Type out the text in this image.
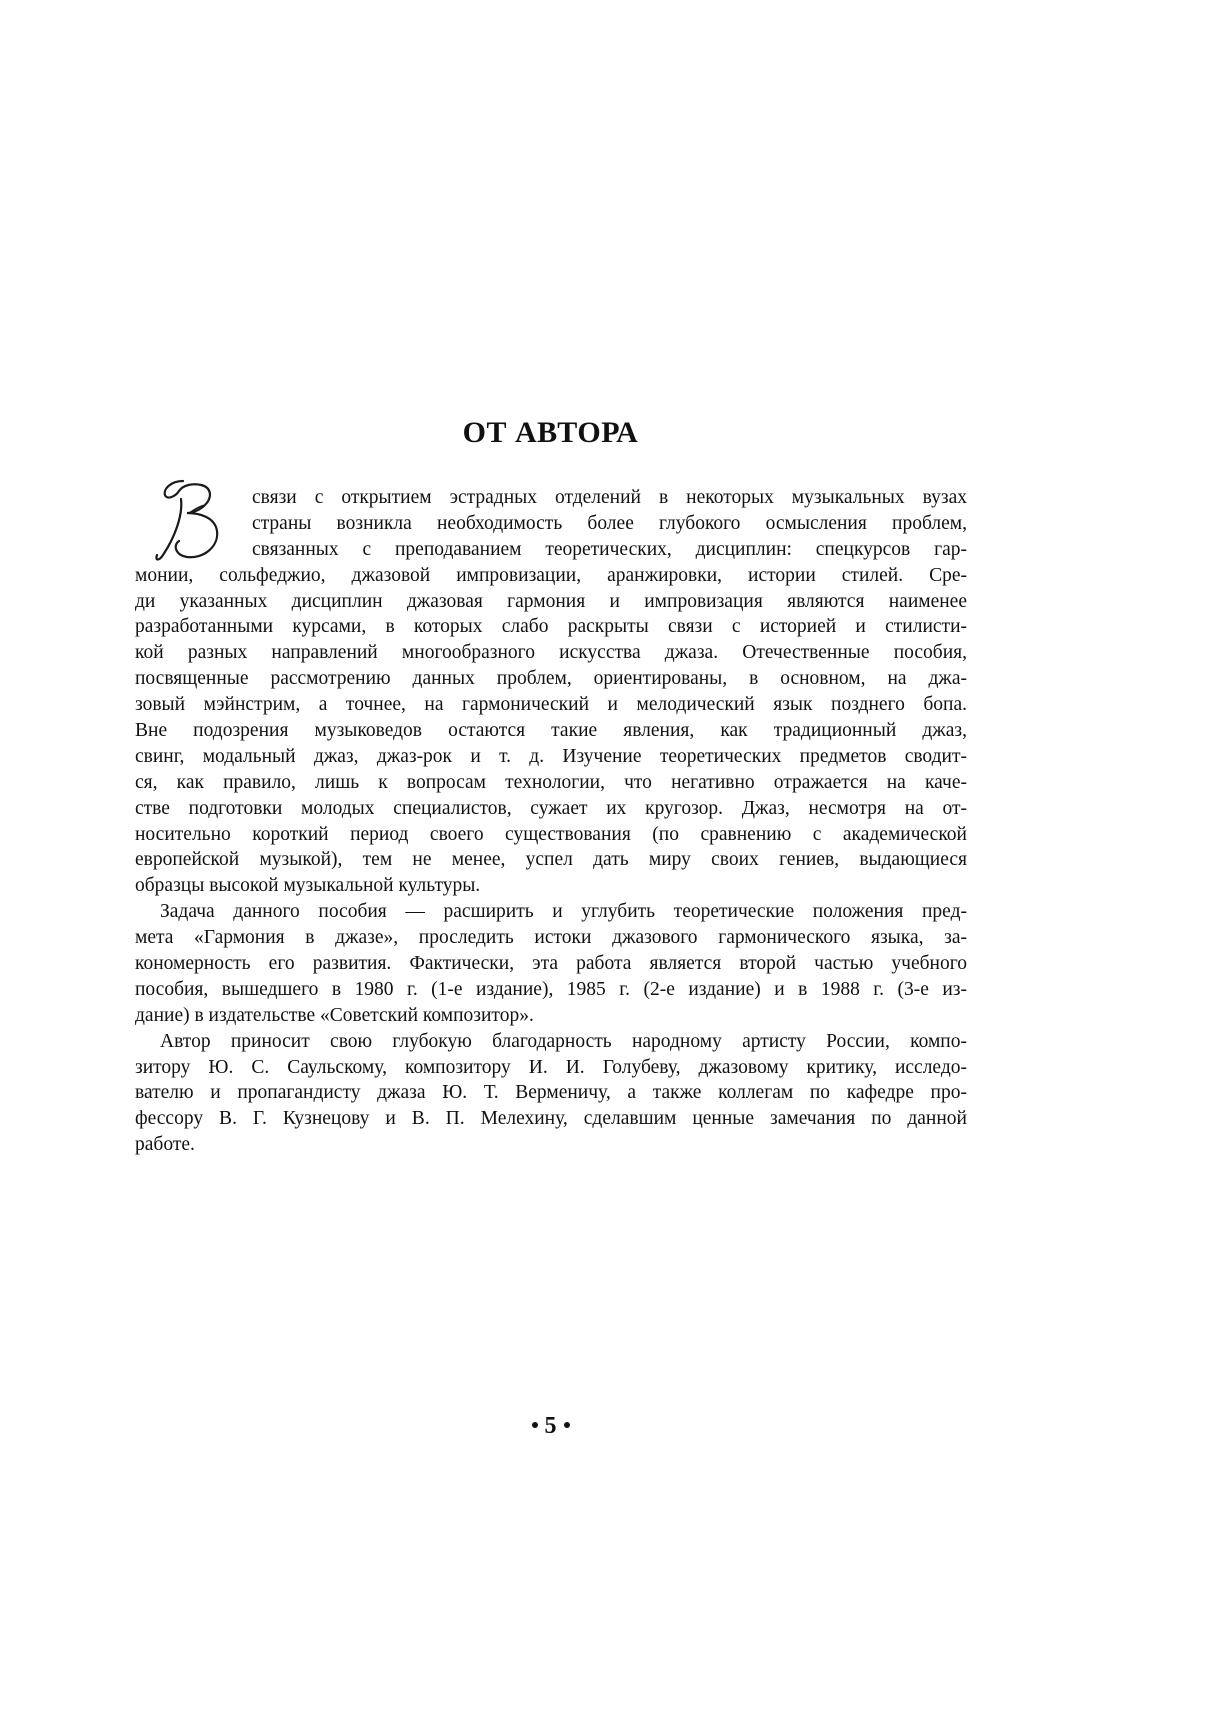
ОТ АВТОРА
связи с открытием эстрадных отделений в некоторых музыкальных вузах
страны возникла необходимость более глубокого осмысления проблем,
связанных с преподаванием теоретических, дисциплин: спецкурсов гар-
монии, сольфеджио, джазовой импровизации, аранжировки, истории стилей. Сре-
ди указанных дисциплин джазовая гармония и импровизация являются наименее
разработанными курсами, в которых слабо раскрыты связи с историей и стилисти-
кой разных направлений многообразного искусства джаза. Отечественные пособия,
посвященные рассмотрению данных проблем, ориентированы, в основном, на джа-
зовый мэйнстрим, а точнее, на гармонический и мелодический язык позднего бопа.
Вне подозрения музыковедов остаются такие явления, как традиционный джаз,
свинг, модальный джаз, джаз-рок и т. д. Изучение теоретических предметов сводит-
ся, как правило, лишь к вопросам технологии, что негативно отражается на каче-
стве подготовки молодых специалистов, сужает их кругозор. Джаз, несмотря на от-
носительно короткий период своего существования (по сравнению с академической
европейской музыкой), тем не менее, успел дать миру своих гениев, выдающиеся
образцы высокой музыкальной культуры.
Задача данного пособия — расширить и углубить теоретические положения пред-
мета «Гармония в джазе», проследить истоки джазового гармонического языка, за-
кономерность его развития. Фактически, эта работа является второй частью учебного
пособия, вышедшего в 1980 г. (1-е издание), 1985 г. (2-е издание) и в 1988 г. (3-е из-
дание) в издательстве «Советский композитор».
Автор приносит свою глубокую благодарность народному артисту России, компо-
зитору Ю. С. Саульскому, композитору И. И. Голубеву, джазовому критику, исследо-
вателю и пропагандисту джаза Ю. Т. Верменичу, а также коллегам по кафедре про-
фессору В. Г. Кузнецову и В. П. Мелехину, сделавшим ценные замечания по данной
работе.
5
